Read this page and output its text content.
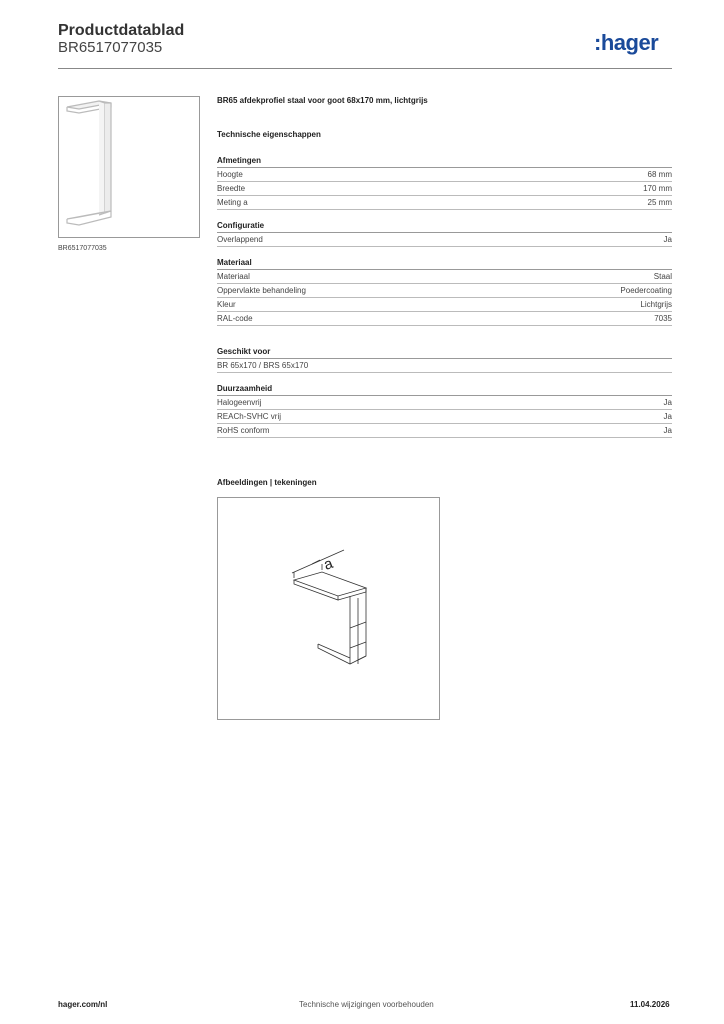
Productdatablad
BR6517077035	:hager
BR6517077035

BR65 afdekprofiel staal voor goot 68x170 mm, lichtgrijs

Technische eigenschappen
Afmetingen
Hoogte	68 mm
Breedte	170 mm
Meting a	25 mm
Configuratie
Overlappend	Ja
Materiaal
Materiaal	Staal
Oppervlakte behandeling	Poedercoating
Kleur	Lichtgrijs
RAL-code	7035
Geschikt voor
BR 65x170 / BRS 65x170
Duurzaamheid
Halogeenvrij	Ja
REACh-SVHC vrij	Ja
RoHS conform	Ja
Afbeeldingen | tekeningen
a
hager.com/nl	Technische wijzigingen voorbehouden	11.04.2026
